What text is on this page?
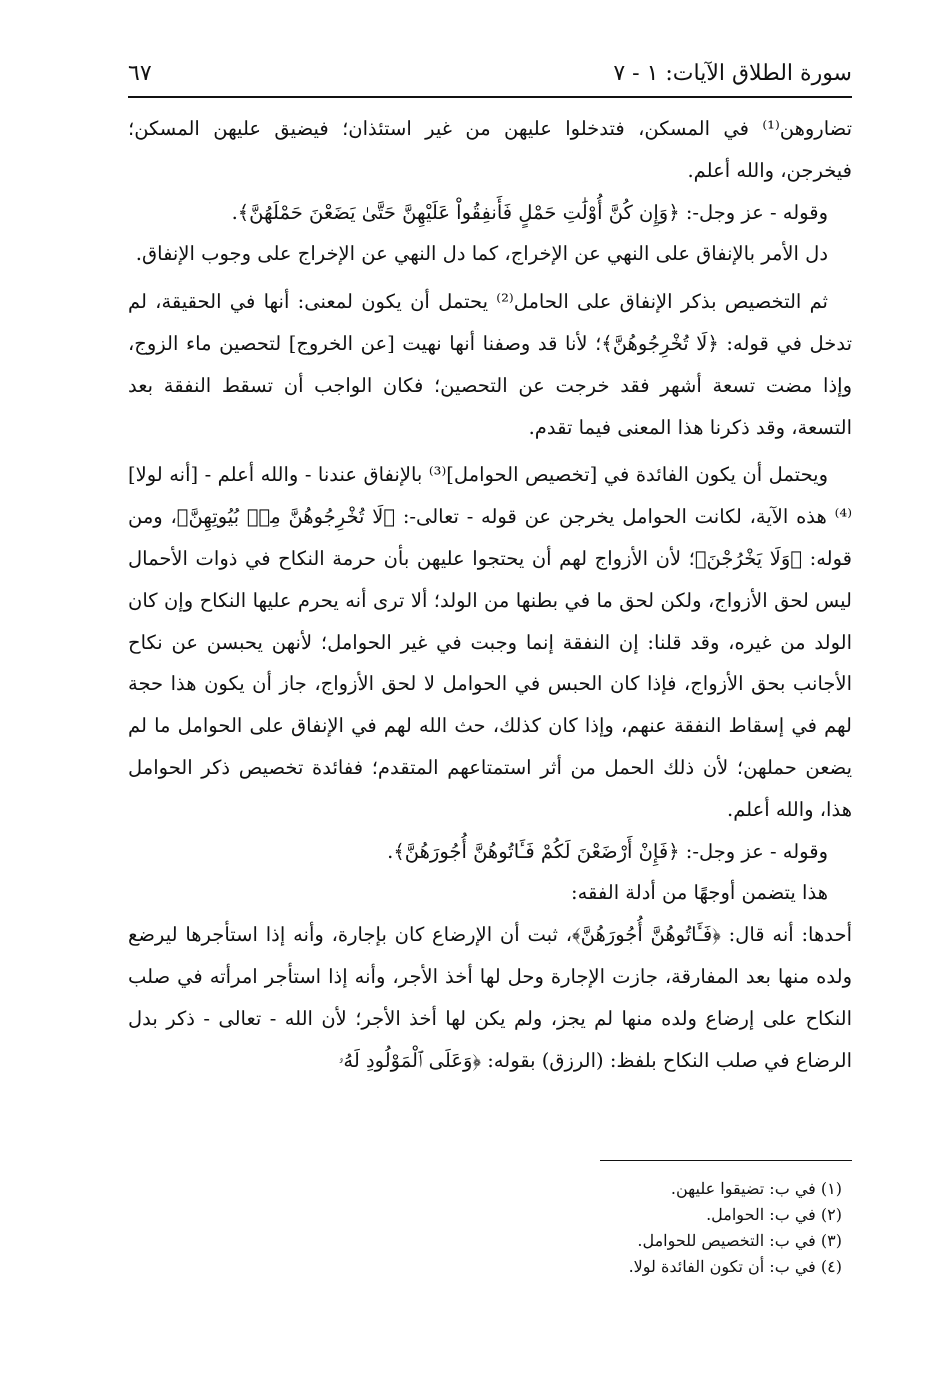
سورة الطلاق الآيات: ١ - ٧
٦٧

تضاروهن⁽¹⁾ في المسكن، فتدخلوا عليهن من غير استئذان؛ فيضيق عليهن المسكن؛ فيخرجن، والله أعلم.

وقوله - عز وجل-: ﴿وَإِن كُنَّ أُوْلَٰتِ حَمْلٍ فَأَنفِقُواْ عَلَيْهِنَّ حَتَّىٰ يَضَعْنَ حَمْلَهُنَّ﴾.

دل الأمر بالإنفاق على النهي عن الإخراج، كما دل النهي عن الإخراج على وجوب الإنفاق.

ثم التخصيص بذكر الإنفاق على الحامل⁽²⁾ يحتمل أن يكون لمعنى: أنها في الحقيقة، لم تدخل في قوله: ﴿لَا تُخْرِجُوهُنَّ﴾؛ لأنا قد وصفنا أنها نهيت [عن الخروج] لتحصين ماء الزوج، وإذا مضت تسعة أشهر فقد خرجت عن التحصين؛ فكان الواجب أن تسقط النفقة بعد التسعة، وقد ذكرنا هذا المعنى فيما تقدم.

ويحتمل أن يكون الفائدة في [تخصيص الحوامل]⁽³⁾ بالإنفاق عندنا - والله أعلم - [أنه لولا]⁽⁴⁾ هذه الآية، لكانت الحوامل يخرجن عن قوله - تعالى-: ﴿لَا تُخْرِجُوهُنَّ مِنۢ بُيُوتِهِنَّ﴾، ومن قوله: ﴿وَلَا يَخْرُجْنَ﴾؛ لأن الأزواج لهم أن يحتجوا عليهن بأن حرمة النكاح في ذوات الأحمال ليس لحق الأزواج، ولكن لحق ما في بطنها من الولد؛ ألا ترى أنه يحرم عليها النكاح وإن كان الولد من غيره، وقد قلنا: إن النفقة إنما وجبت في غير الحوامل؛ لأنهن يحبسن عن نكاح الأجانب بحق الأزواج، فإذا كان الحبس في الحوامل لا لحق الأزواج، جاز أن يكون هذا حجة لهم في إسقاط النفقة عنهم، وإذا كان كذلك، حث الله لهم في الإنفاق على الحوامل ما لم يضعن حملهن؛ لأن ذلك الحمل من أثر استمتاعهم المتقدم؛ ففائدة تخصيص ذكر الحوامل هذا، والله أعلم.

وقوله - عز وجل-: ﴿فَإِنْ أَرْضَعْنَ لَكُمْ فَـَٔاتُوهُنَّ أُجُورَهُنَّ﴾.

هذا يتضمن أوجهًا من أدلة الفقه:

أحدها: أنه قال: ﴿فَـَٔاتُوهُنَّ أُجُورَهُنَّ﴾، ثبت أن الإرضاع كان بإجارة، وأنه إذا استأجرها ليرضع ولده منها بعد المفارقة، جازت الإجارة وحل لها أخذ الأجر، وأنه إذا استأجر امرأته في صلب النكاح على إرضاع ولده منها لم يجز، ولم يكن لها أخذ الأجر؛ لأن الله - تعالى - ذكر بدل الرضاع في صلب النكاح بلفظ: (الرزق) بقوله: ﴿وَعَلَى ٱلْمَوْلُودِ لَهُۥ

(١) في ب: تضيقوا عليهن.
(٢) في ب: الحوامل.
(٣) في ب: التخصيص للحوامل.
(٤) في ب: أن تكون الفائدة لولا.
